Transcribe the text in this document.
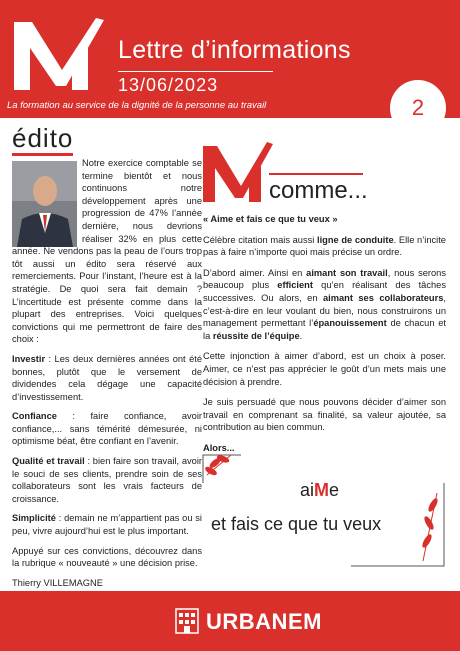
Lettre d’informations
13/06/2023
La formation au service de la dignité de la personne au travail	2
édito

Notre exercice comptable se termine bientôt et nous continuons notre développement après une progression de 47% l’année dernière, nous devrions réaliser 32% en plus cette année. Ne vendons pas la peau de l’ours trop tôt aussi un édito sera réservé aux remerciements. Pour l’instant, l’heure est à la stratégie. De quoi sera fait demain ? L’incertitude est présente comme dans la plupart des entreprises. Voici quelques convictions qui me permettront de faire des choix :

Investir : Les deux dernières années ont été bonnes, plutôt que le versement de dividendes cela dégage une capacité d’investissement.

Confiance : faire confiance, avoir confiance,... sans témérité démesurée, ni optimisme béat, être confiant en l’avenir.

Qualité et travail : bien faire son travail, avoir le souci de ses clients, prendre soin de ses collaborateurs sont les vrais facteurs de croissance.

Simplicité : demain ne m’appartient pas ou si peu, vivre aujourd’hui est le plus important.

Appuyé sur ces convictions, découvrez dans la rubrique « nouveauté » une décision prise.

Thierry VILLEMAGNE

comme...

« Aime et fais ce que tu veux »

Célèbre citation mais aussi ligne de conduite. Elle n’incite pas à faire n’importe quoi mais précise un ordre.

D’abord aimer. Ainsi en aimant son travail, nous serons beaucoup plus efficient qu’en réalisant des tâches successives. Ou alors, en aimant ses collaborateurs, c’est-à-dire en leur voulant du bien, nous construirons un management permettant l’épanouissement de chacun et la réussite de l’équipe.

Cette injonction à aimer d’abord, est un choix à poser. Aimer, ce n’est pas apprécier le goût d’un mets mais une décision à prendre.

Je suis persuadé que nous pouvons décider d’aimer son travail en comprenant sa finalité, sa valeur ajoutée, sa contribution au bien commun.

Alors...

aiMe
et fais ce que tu veux
URBANEM
